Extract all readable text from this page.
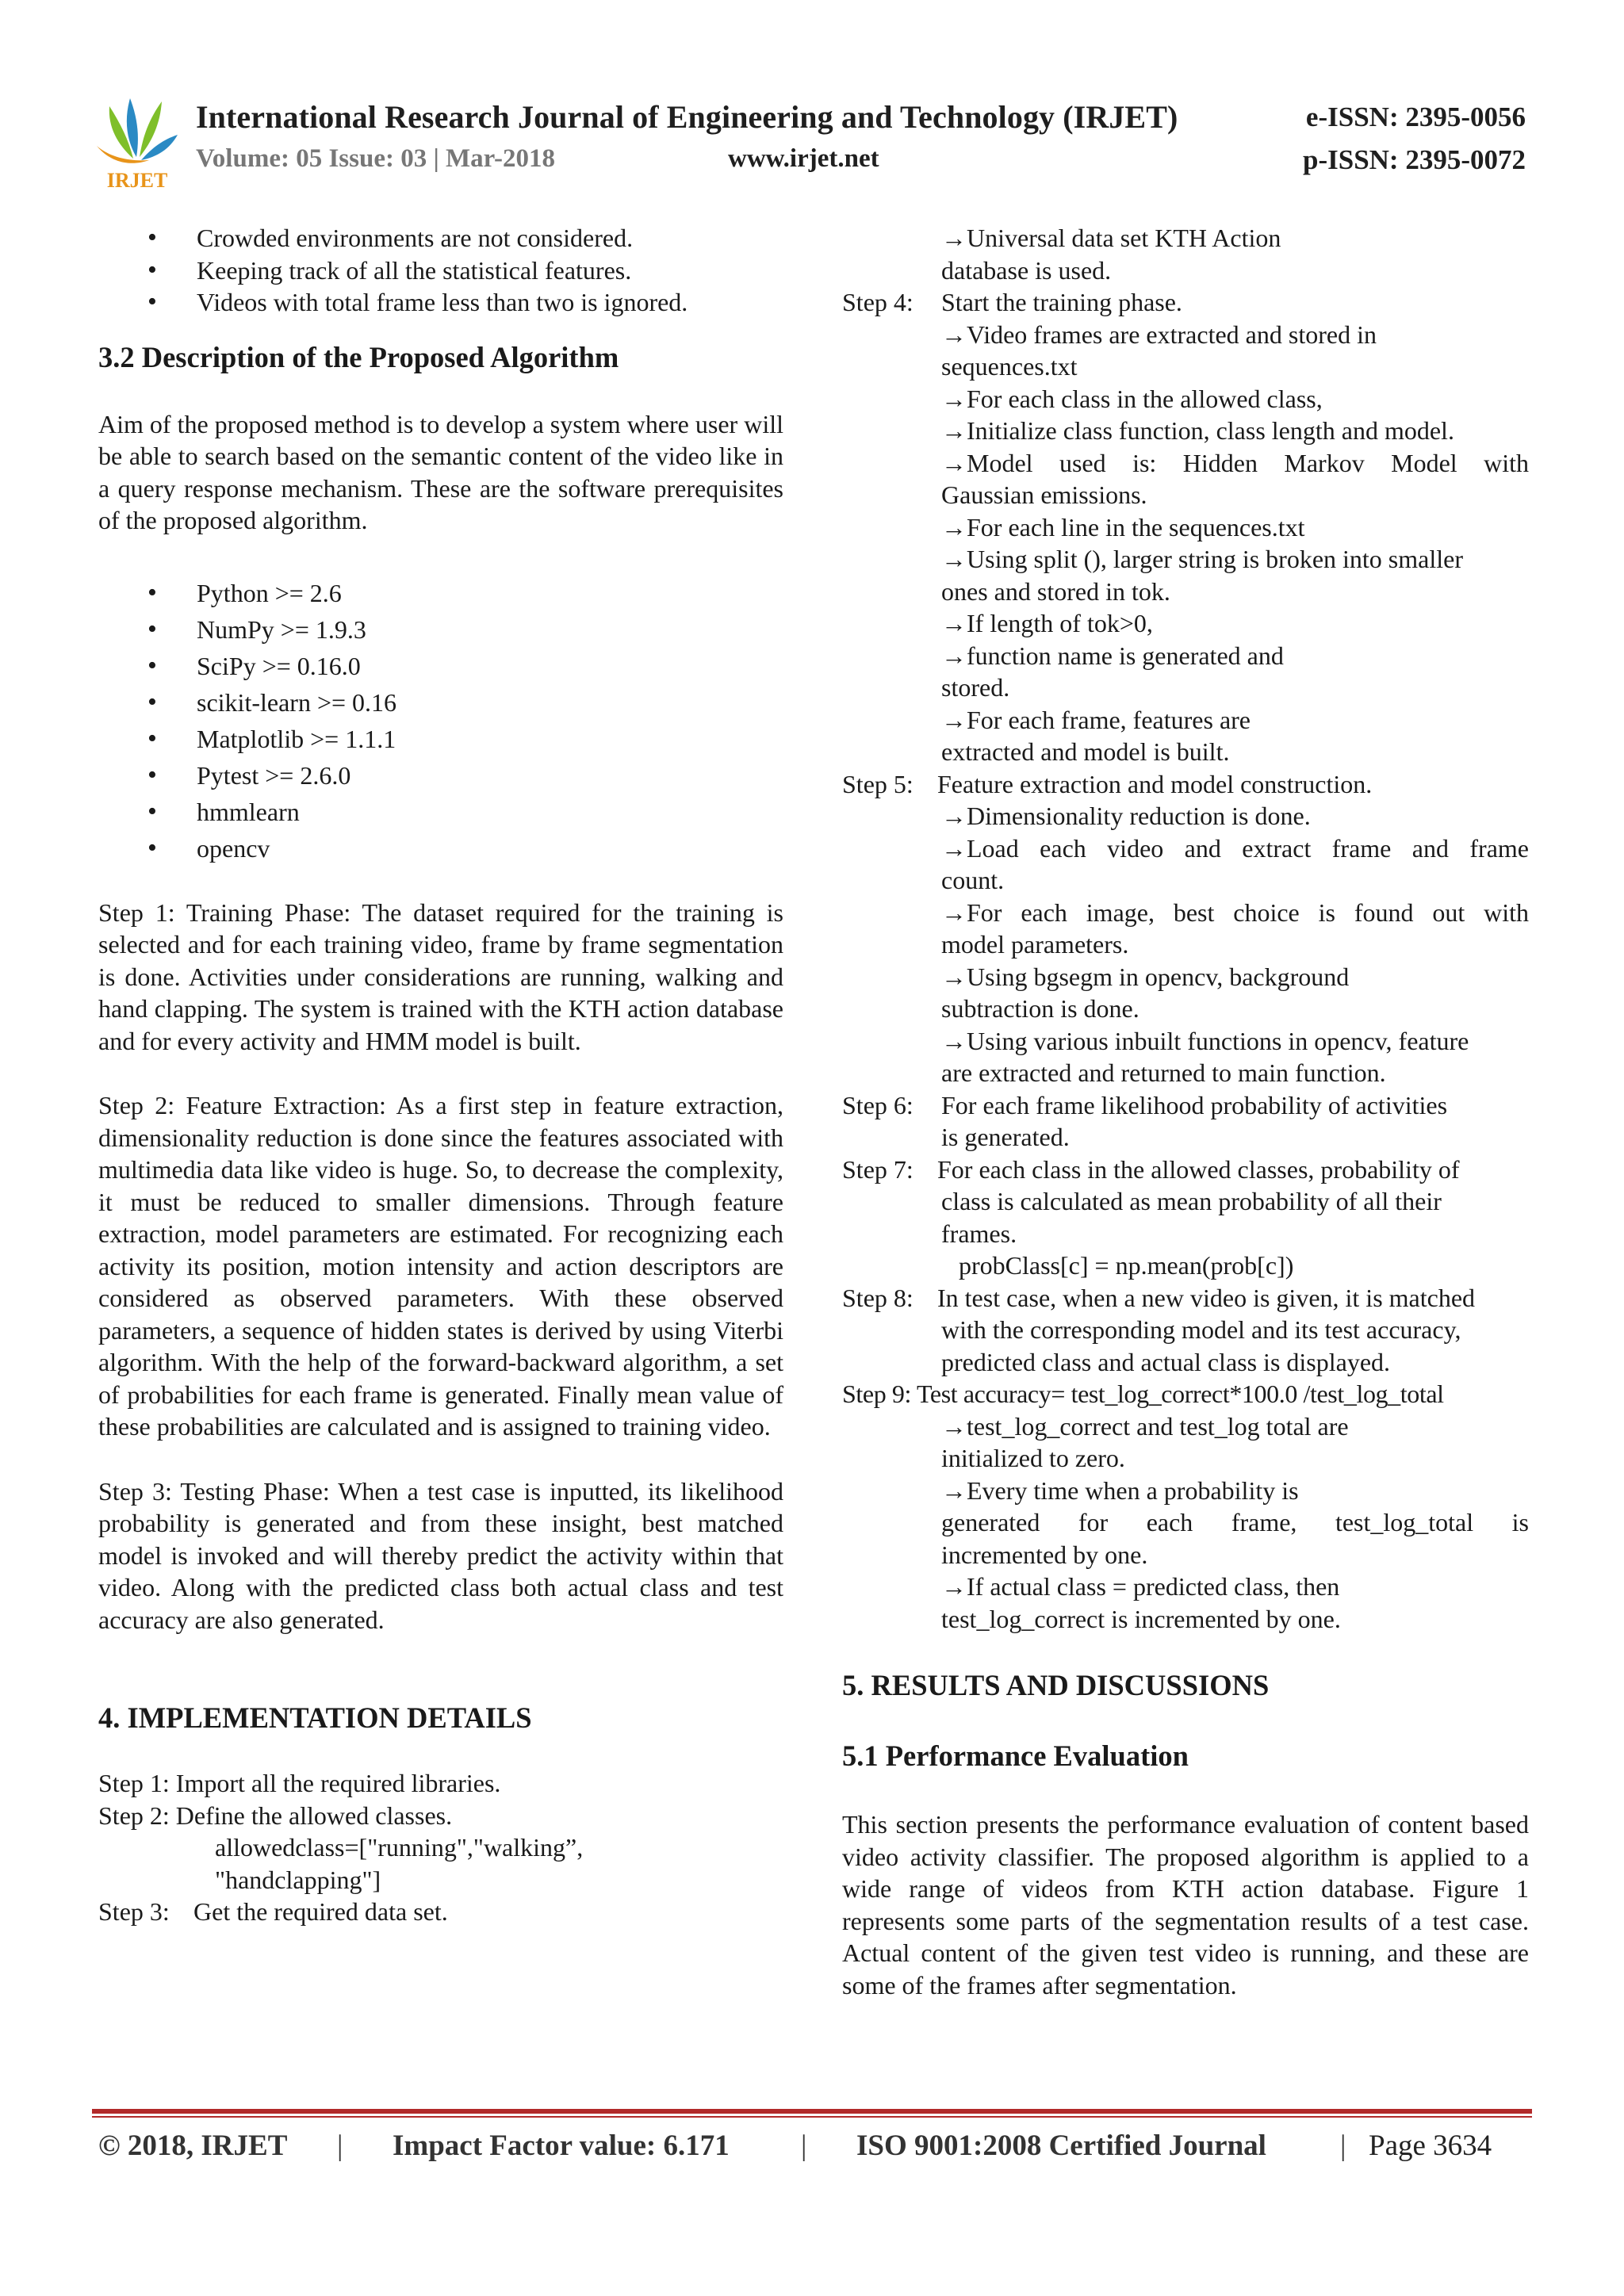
IRJET
International Research Journal of Engineering and Technology (IRJET)
Volume: 05 Issue: 03 | Mar-2018	www.irjet.net
e-ISSN: 2395-0056
p-ISSN: 2395-0072
• Crowded environments are not considered.
• Keeping track of all the statistical features.
• Videos with total frame less than two is ignored.
3.2 Description of the Proposed Algorithm
Aim of the proposed method is to develop a system where user will be able to search based on the semantic content of the video like in a query response mechanism. These are the software prerequisites of the proposed algorithm.
• Python >= 2.6
• NumPy >= 1.9.3
• SciPy >= 0.16.0
• scikit-learn >= 0.16
• Matplotlib >= 1.1.1
• Pytest >= 2.6.0
• hmmlearn
• opencv
Step 1: Training Phase: The dataset required for the training is selected and for each training video, frame by frame segmentation is done. Activities under considerations are running, walking and hand clapping. The system is trained with the KTH action database and for every activity and HMM model is built.
Step 2: Feature Extraction: As a first step in feature extraction, dimensionality reduction is done since the features associated with multimedia data like video is huge. So, to decrease the complexity, it must be reduced to smaller dimensions. Through feature extraction, model parameters are estimated. For recognizing each activity its position, motion intensity and action descriptors are considered as observed parameters. With these observed parameters, a sequence of hidden states is derived by using Viterbi algorithm. With the help of the forward-backward algorithm, a set of probabilities for each frame is generated. Finally mean value of these probabilities are calculated and is assigned to training video.
Step 3: Testing Phase: When a test case is inputted, its likelihood probability is generated and from these insight, best matched model is invoked and will thereby predict the activity within that video. Along with the predicted class both actual class and test accuracy are also generated.
4. IMPLEMENTATION DETAILS
Step 1: Import all the required libraries.
Step 2: Define the allowed classes.
allowedclass=["running","walking”,
"handclapping"]
Step 3: Get the required data set.
→Universal data set KTH Action
database is used.
Step 4:	Start the training phase.
→Video frames are extracted and stored in
sequences.txt
→For each class in the allowed class,
→Initialize class function, class length and model.
→Model used is: Hidden Markov Model with
Gaussian emissions.
→For each line in the sequences.txt
→Using split (), larger string is broken into smaller
ones and stored in tok.
→If length of tok>0,
→function name is generated and
stored.
→For each frame, features are
extracted and model is built.
Step 5: Feature extraction and model construction.
→Dimensionality reduction is done.
→Load each video and extract frame and frame
count.
→For each image, best choice is found out with
model parameters.
→Using bgsegm in opencv, background
subtraction is done.
→Using various inbuilt functions in opencv, feature
are extracted and returned to main function.
Step 6:	For each frame likelihood probability of activities
is generated.
Step 7: For each class in the allowed classes, probability of
class is calculated as mean probability of all their
frames.
probClass[c] = np.mean(prob[c])
Step 8: In test case, when a new video is given, it is matched
with the corresponding model and its test accuracy,
predicted class and actual class is displayed.
Step 9: Test accuracy= test_log_correct*100.0 /test_log_total
→test_log_correct and test_log total are
initialized to zero.
→Every time when a probability is
generated for each frame, test_log_total is
incremented by one.
→If actual class = predicted class, then
test_log_correct is incremented by one.
5. RESULTS AND DISCUSSIONS
5.1 Performance Evaluation
This section presents the performance evaluation of content based video activity classifier. The proposed algorithm is applied to a wide range of videos from KTH action database. Figure 1 represents some parts of the segmentation results of a test case. Actual content of the given test video is running, and these are some of the frames after segmentation.
© 2018, IRJET | Impact Factor value: 6.171 | ISO 9001:2008 Certified Journal	| Page 3634
